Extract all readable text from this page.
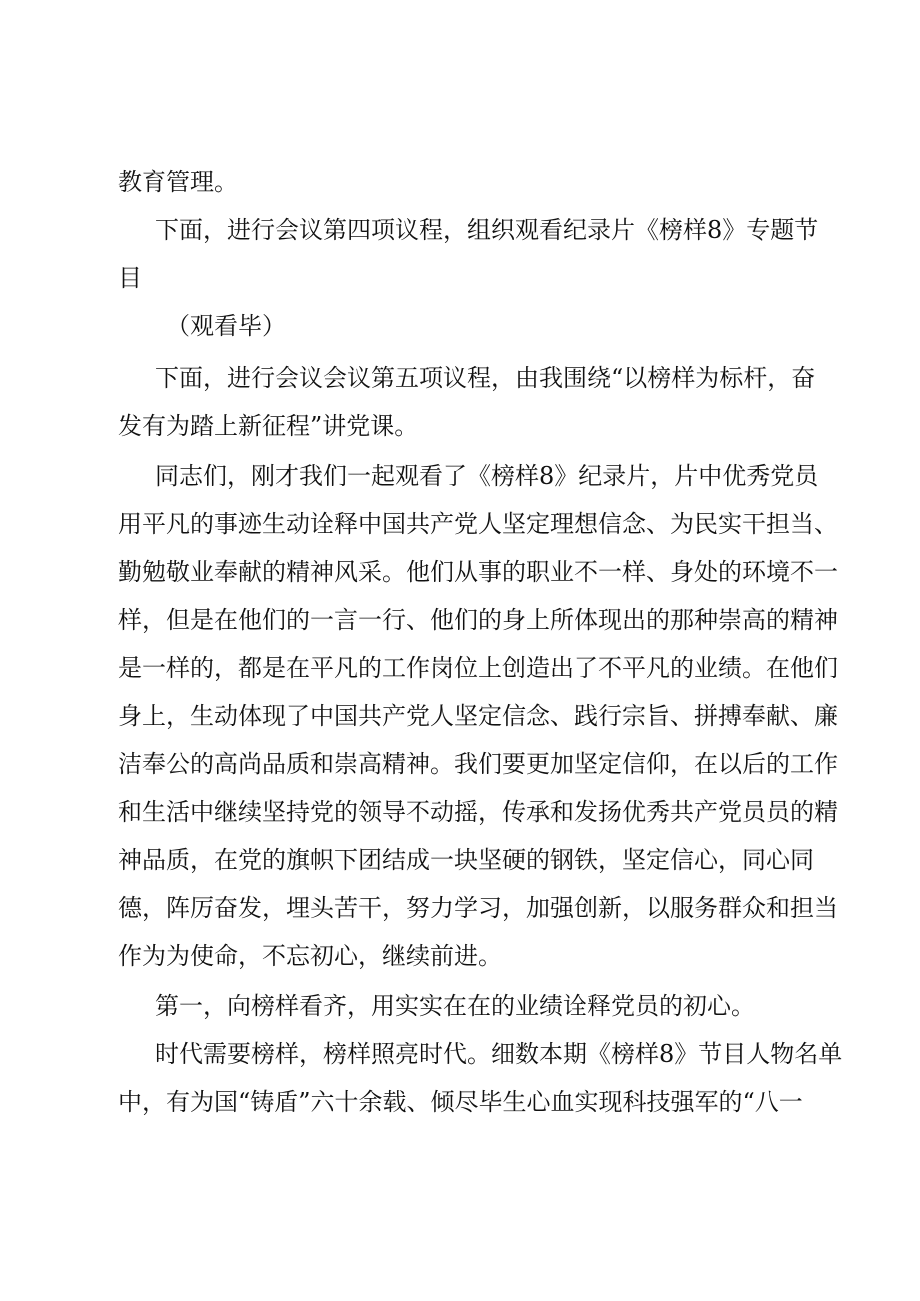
教育管理。
下面，进行会议第四项议程，组织观看纪录片《榜样8》专题节
目
（观看毕）
下面，进行会议会议第五项议程，由我围绕“以榜样为标杆，奋
发有为踏上新征程”讲党课。
同志们，刚才我们一起观看了《榜样8》纪录片，片中优秀党员
用平凡的事迹生动诠释中国共产党人坚定理想信念、为民实干担当、
勤勉敬业奉献的精神风采。他们从事的职业不一样、身处的环境不一
样，但是在他们的一言一行、他们的身上所体现出的那种崇高的精神
是一样的，都是在平凡的工作岗位上创造出了不平凡的业绩。在他们
身上，生动体现了中国共产党人坚定信念、践行宗旨、拼搏奉献、廉
洁奉公的高尚品质和崇高精神。我们要更加坚定信仰，在以后的工作
和生活中继续坚持党的领导不动摇，传承和发扬优秀共产党员员的精
神品质，在党的旗帜下团结成一块坚硬的钢铁，坚定信心，同心同
德，阵厉奋发，埋头苦干，努力学习，加强创新，以服务群众和担当
作为为使命，不忘初心，继续前进。
第一，向榜样看齐，用实实在在的业绩诠释党员的初心。
时代需要榜样，榜样照亮时代。细数本期《榜样8》节目人物名单
中，有为国“铸盾”六十余载、倾尽毕生心血实现科技强军的“八一
